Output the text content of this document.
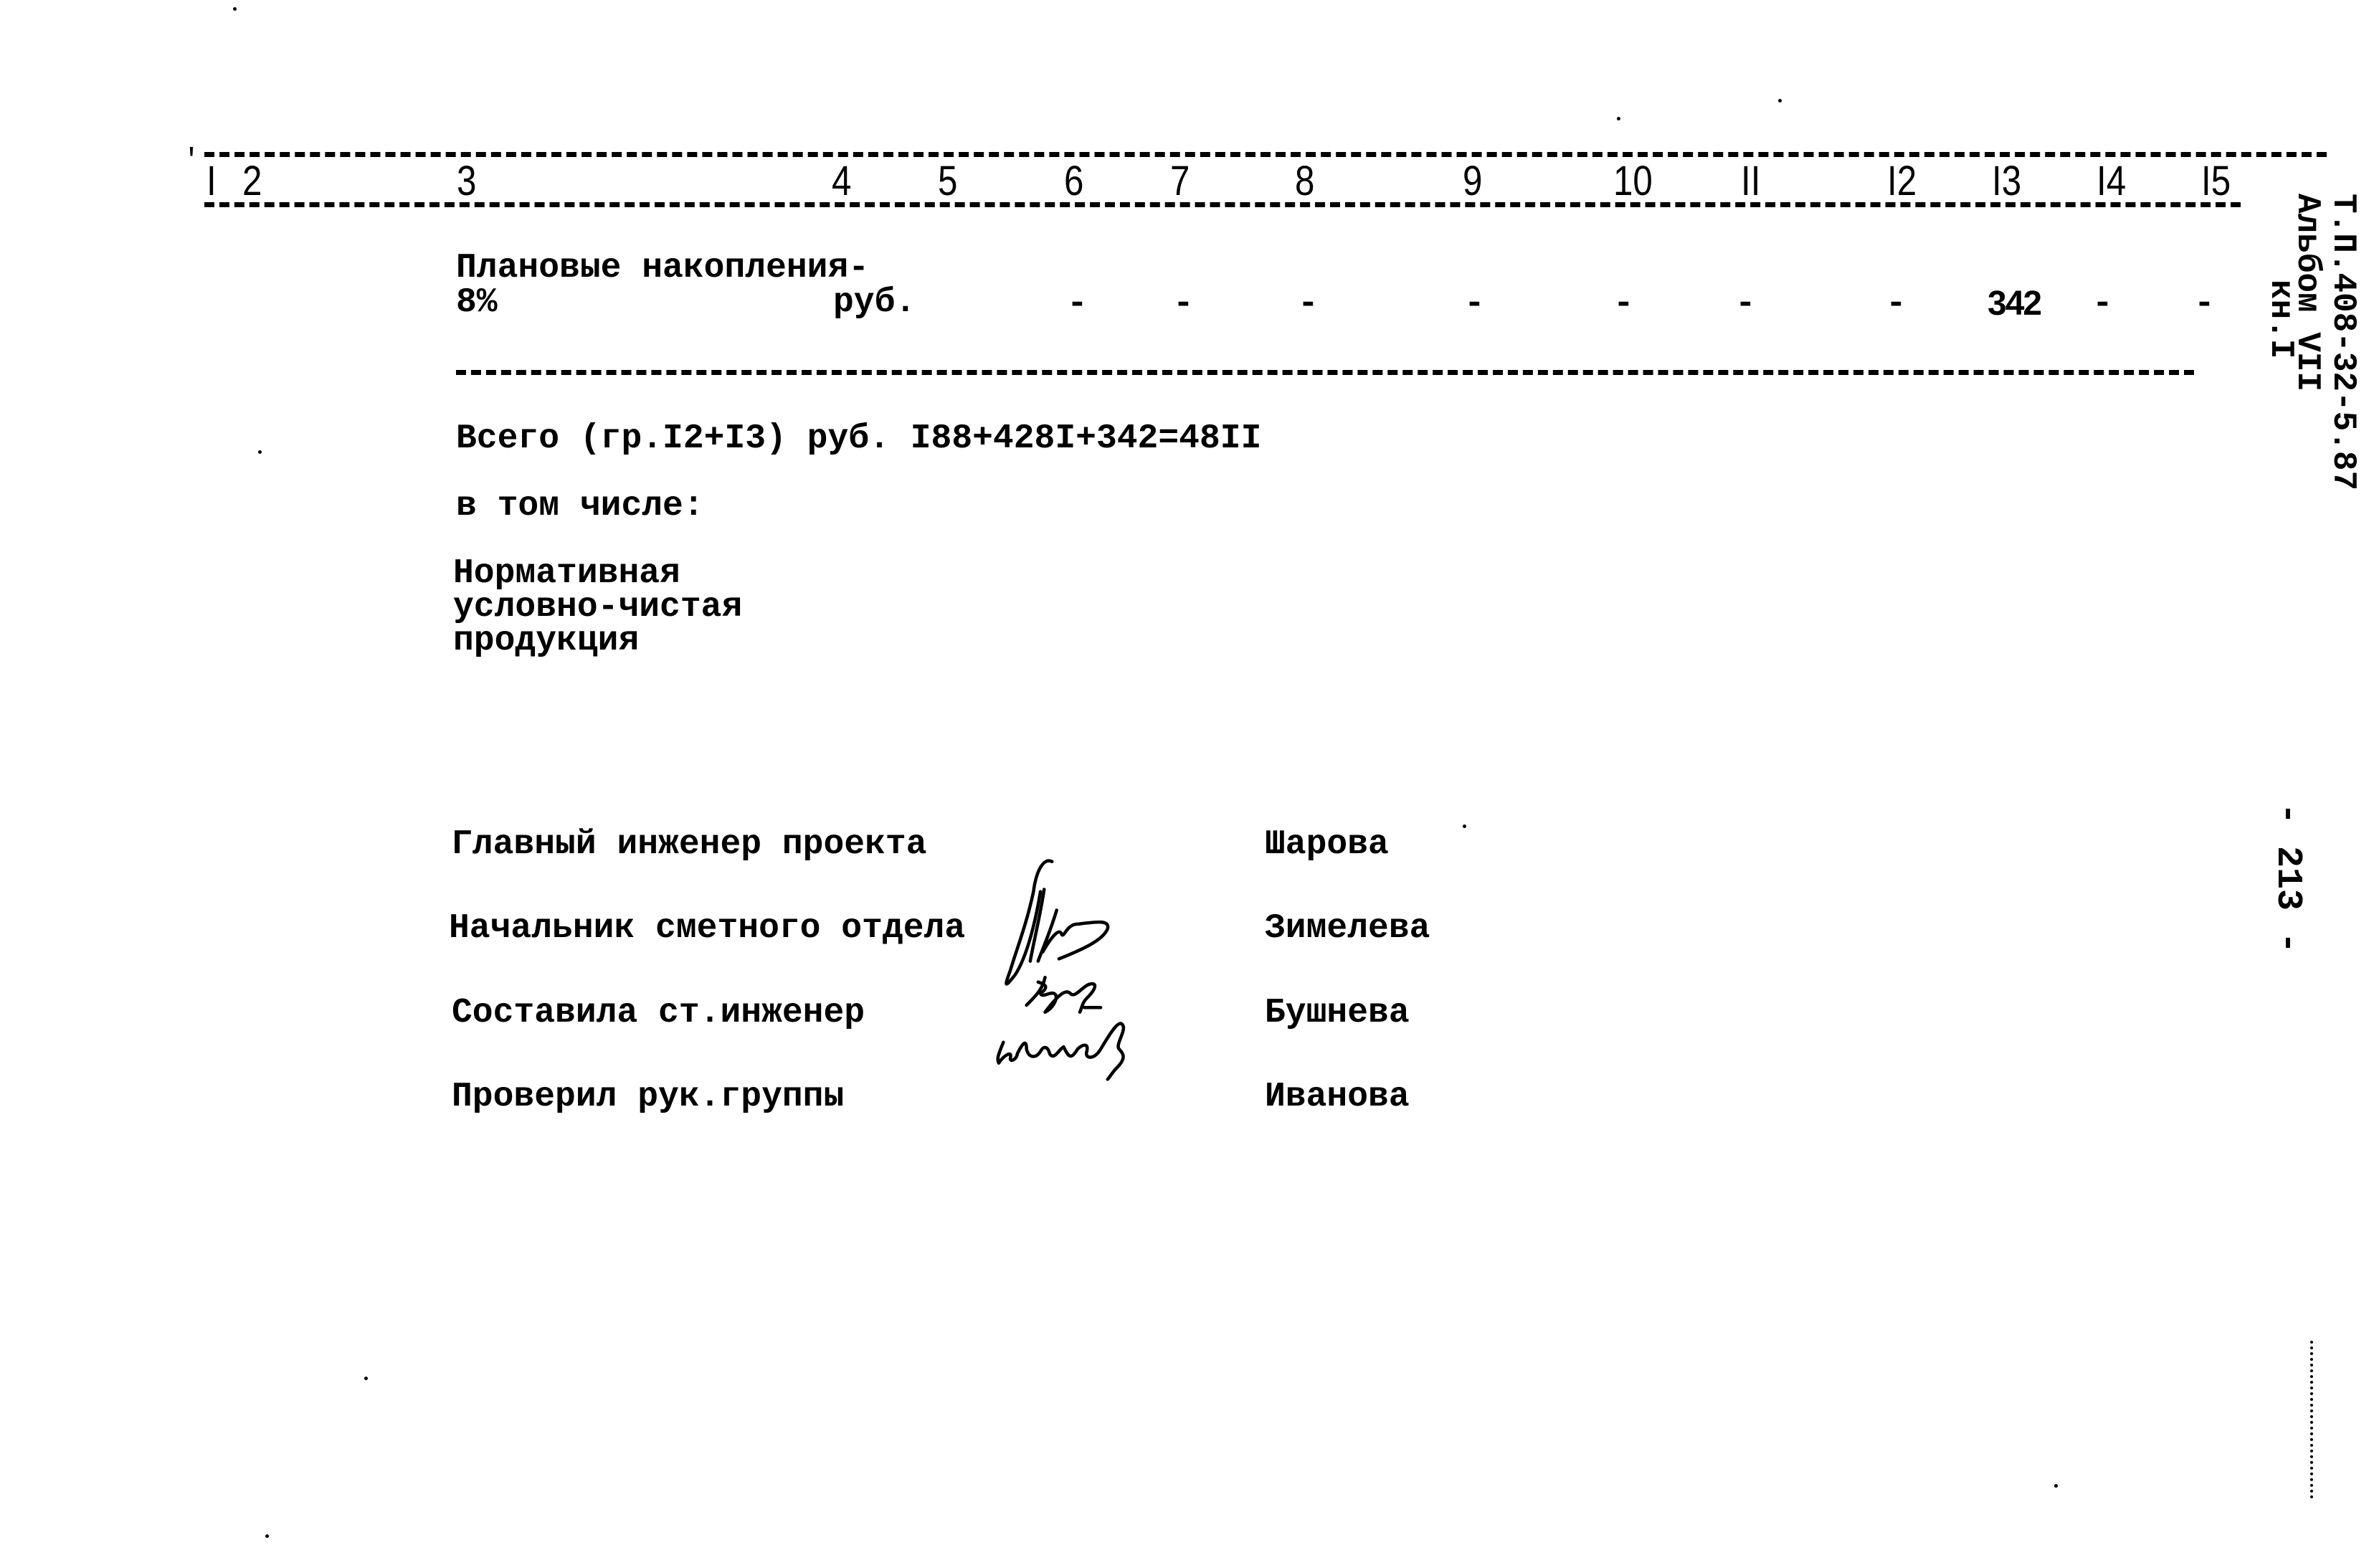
' I 2	3	4 5	6 7	8	9	10 II	I2 I3 I4 I5
Плановые накопления-
8%	руб.	- -	-	-	-	-	- 342 - -
Всего (гр.I2+I3) руб. I88+428I+342=48II
в том числе:
Нормативная
условно-чистая
продукция
Главный инженер проекта	Шарова
Начальник сметного отдела	Зимелева
Составила ст.инженер	Бушнева
Проверил рук.группы	Иванова
Т.П.408-32-5.87
Альбом VII
кн.I
- 213 -
